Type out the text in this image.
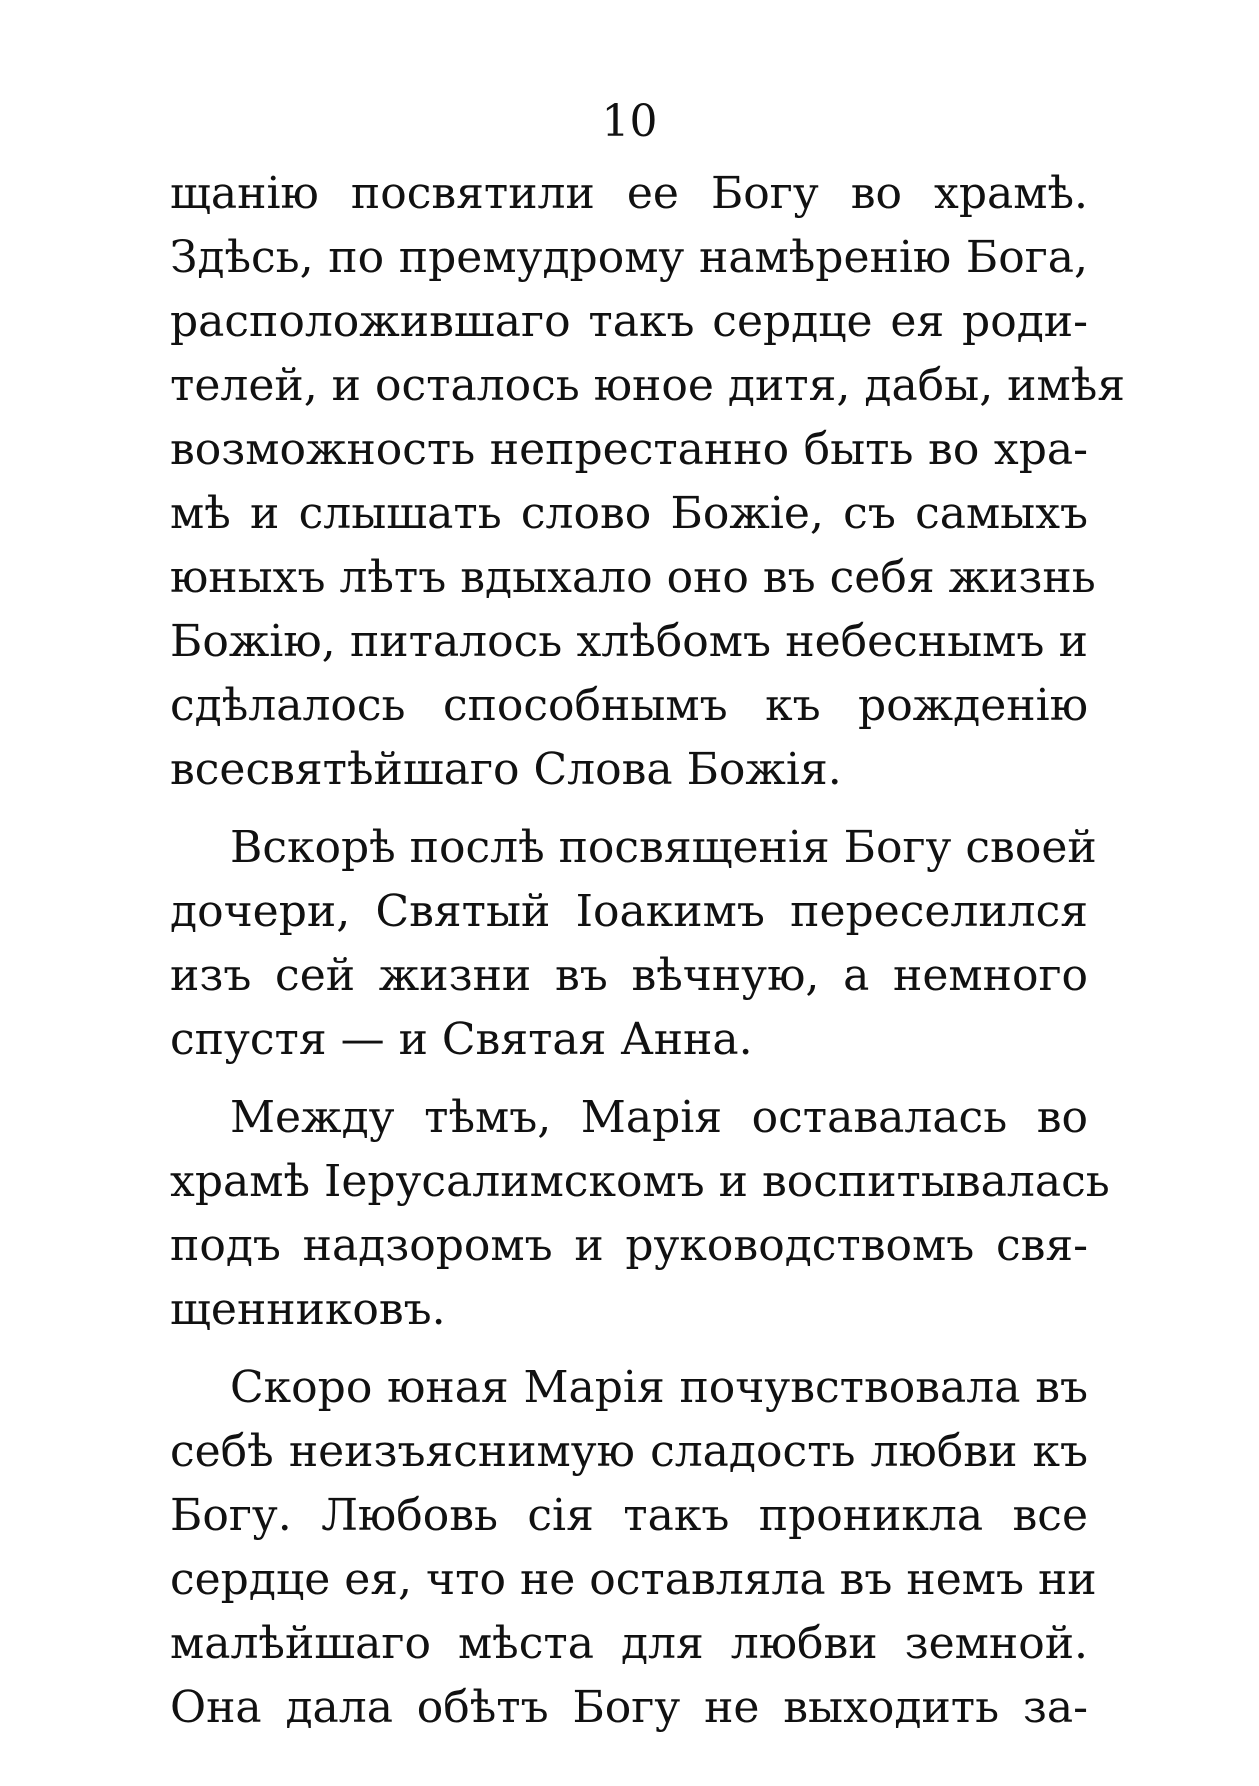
10
щанію посвятили ее Богу во храмѣ.
Здѣсь, по премудрому намѣренію Бога,
расположившаго такъ сердце ея роди-
телей, и осталось юное дитя, дабы, имѣя
возможность непрестанно быть во хра-
мѣ и слышать слово Божіе, съ самыхъ
юныхъ лѣтъ вдыхало оно въ себя жизнь
Божію, питалось хлѣбомъ небеснымъ и
сдѣлалось способнымъ къ рожденію
всесвятѣйшаго Слова Божія.
Вскорѣ послѣ посвященія Богу своей
дочери, Святый Іоакимъ переселился
изъ сей жизни въ вѣчную, а немного
спустя — и Святая Анна.
Между тѣмъ, Марія оставалась во
храмѣ Іерусалимскомъ и воспитывалась
подъ надзоромъ и руководствомъ свя-
щенниковъ.
Скоро юная Марія почувствовала въ
себѣ неизъяснимую сладость любви къ
Богу. Любовь сія такъ проникла все
сердце ея, что не оставляла въ немъ ни
малѣйшаго мѣста для любви земной.
Она дала обѣтъ Богу не выходить за-
